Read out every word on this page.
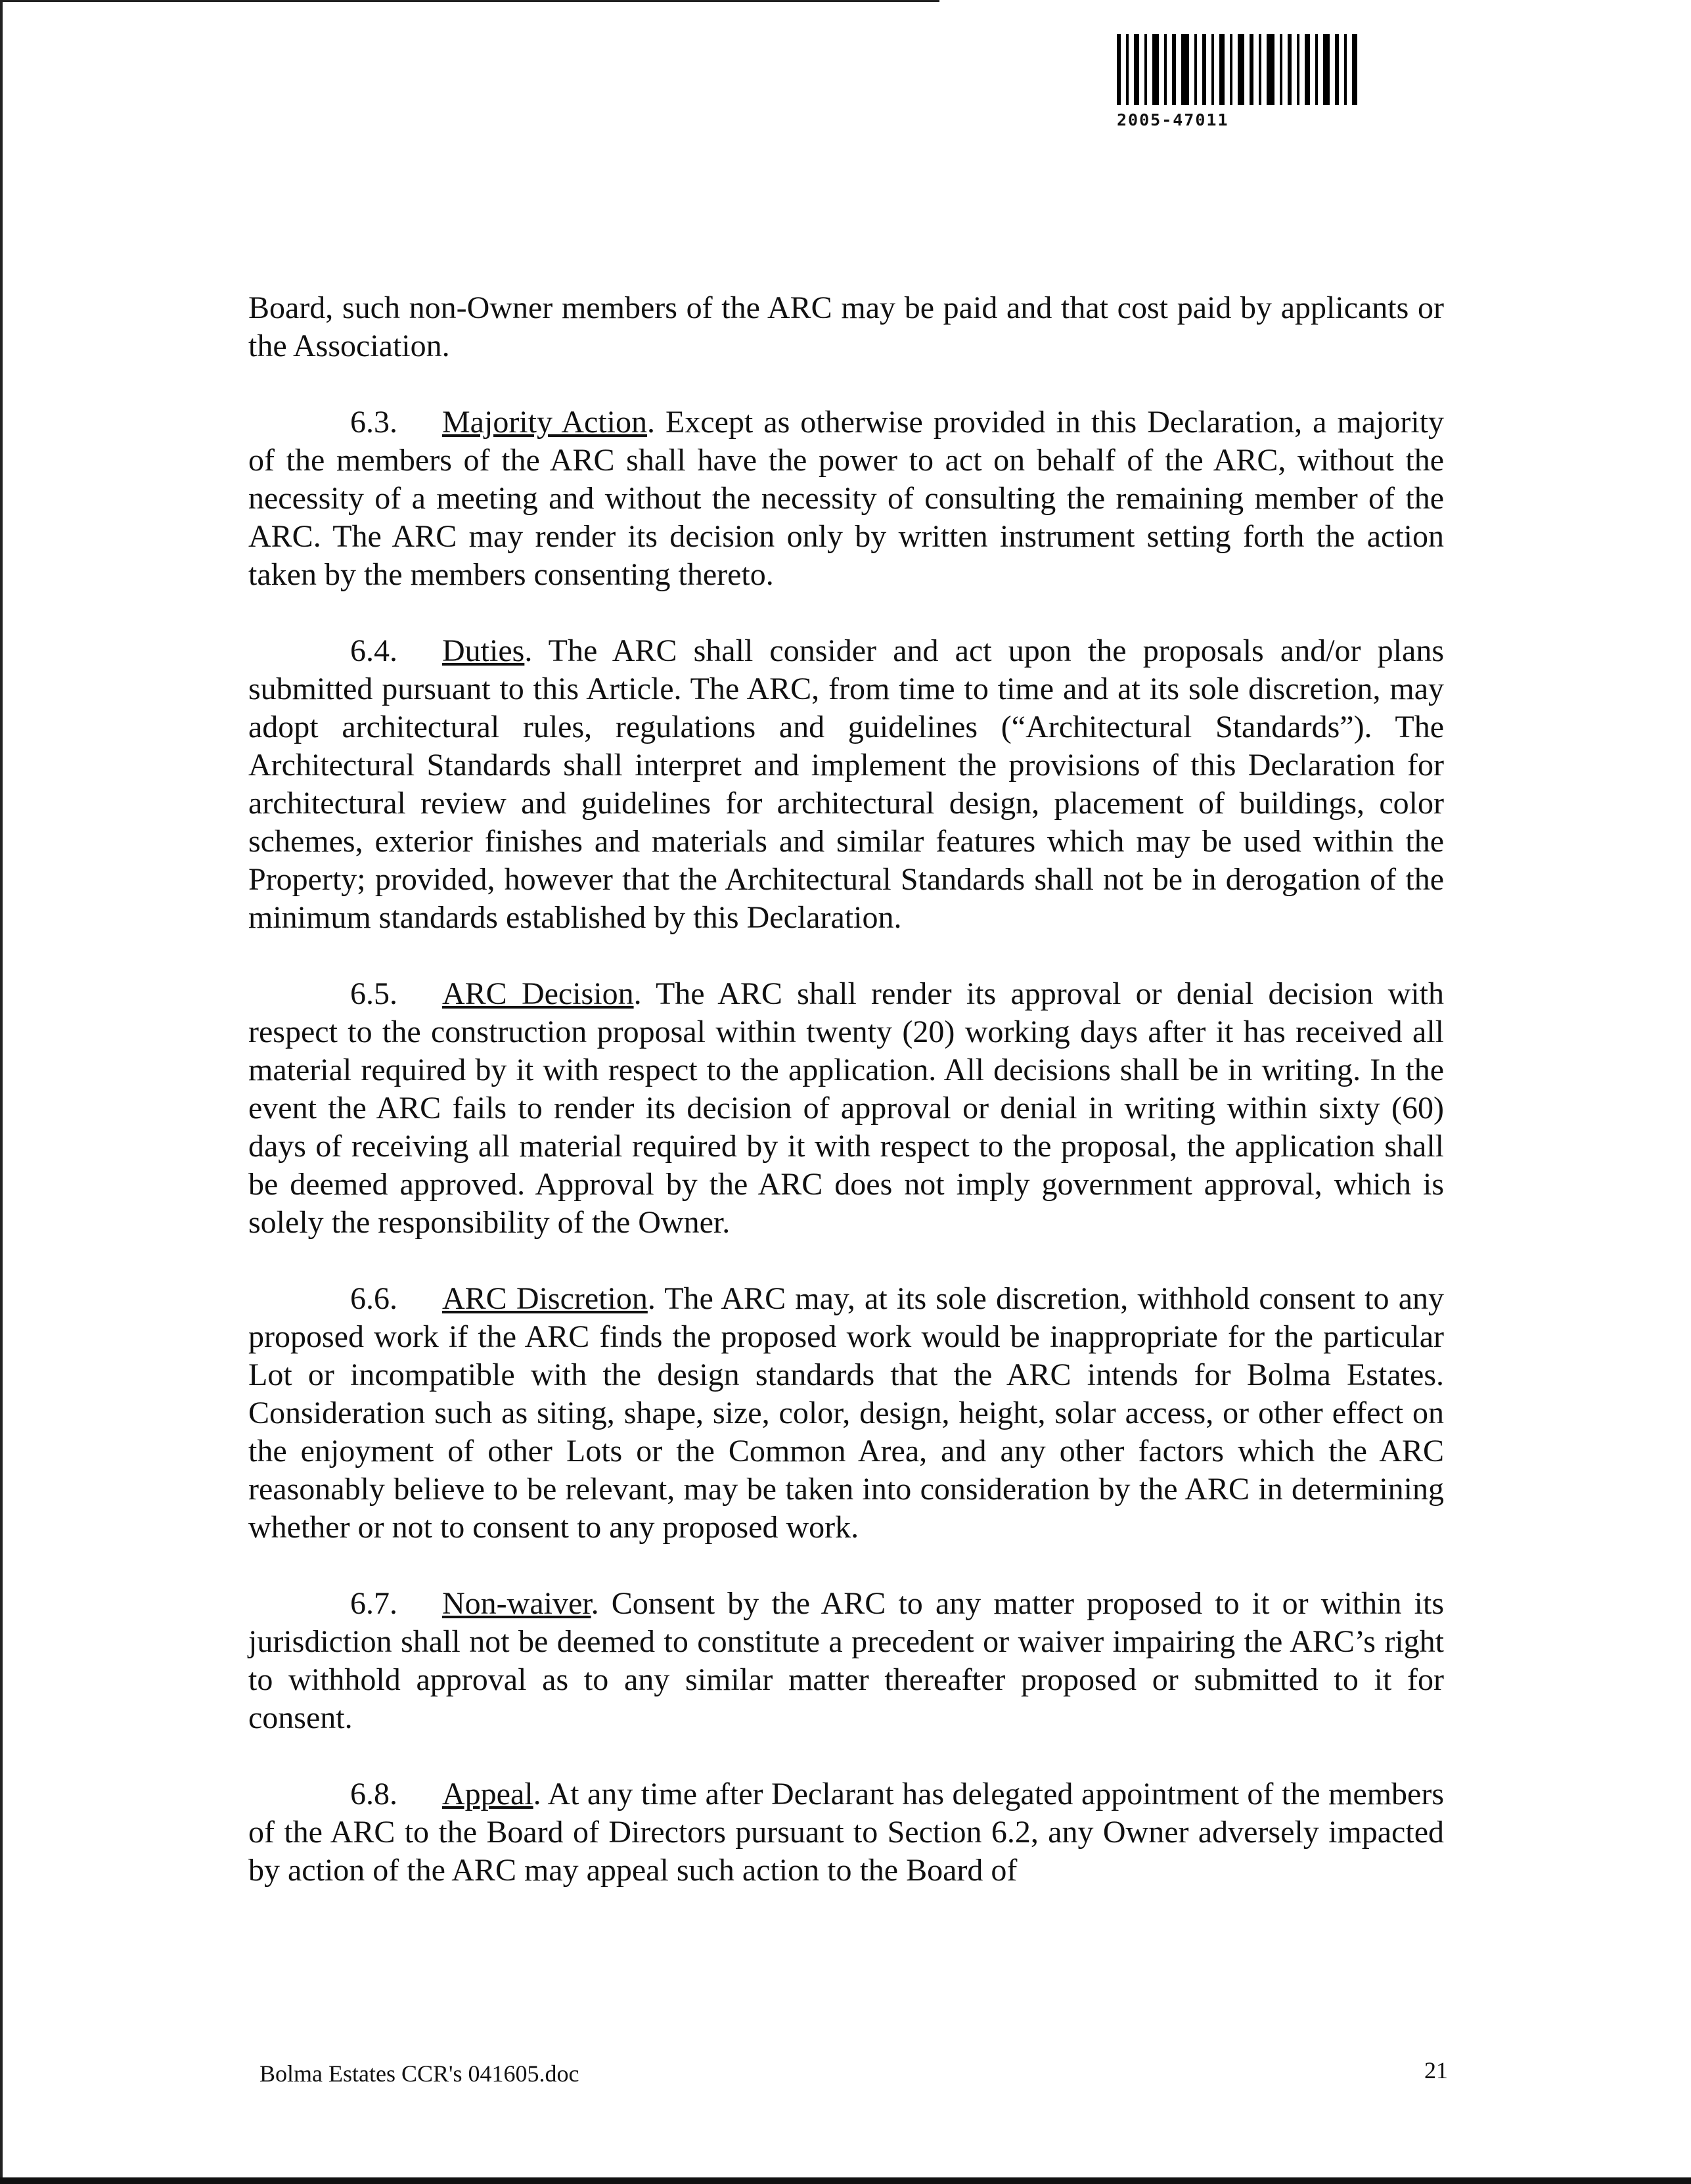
2005-47011

Board, such non-Owner members of the ARC may be paid and that cost paid by applicants or the Association.

6.3. Majority Action. Except as otherwise provided in this Declaration, a majority of the members of the ARC shall have the power to act on behalf of the ARC, without the necessity of a meeting and without the necessity of consulting the remaining member of the ARC. The ARC may render its decision only by written instrument setting forth the action taken by the members consenting thereto.

6.4. Duties. The ARC shall consider and act upon the proposals and/or plans submitted pursuant to this Article. The ARC, from time to time and at its sole discretion, may adopt architectural rules, regulations and guidelines (“Architectural Standards”). The Architectural Standards shall interpret and implement the provisions of this Declaration for architectural review and guidelines for architectural design, placement of buildings, color schemes, exterior finishes and materials and similar features which may be used within the Property; provided, however that the Architectural Standards shall not be in derogation of the minimum standards established by this Declaration.

6.5. ARC Decision. The ARC shall render its approval or denial decision with respect to the construction proposal within twenty (20) working days after it has received all material required by it with respect to the application. All decisions shall be in writing. In the event the ARC fails to render its decision of approval or denial in writing within sixty (60) days of receiving all material required by it with respect to the proposal, the application shall be deemed approved. Approval by the ARC does not imply government approval, which is solely the responsibility of the Owner.

6.6. ARC Discretion. The ARC may, at its sole discretion, withhold consent to any proposed work if the ARC finds the proposed work would be inappropriate for the particular Lot or incompatible with the design standards that the ARC intends for Bolma Estates. Consideration such as siting, shape, size, color, design, height, solar access, or other effect on the enjoyment of other Lots or the Common Area, and any other factors which the ARC reasonably believe to be relevant, may be taken into consideration by the ARC in determining whether or not to consent to any proposed work.

6.7. Non-waiver. Consent by the ARC to any matter proposed to it or within its jurisdiction shall not be deemed to constitute a precedent or waiver impairing the ARC’s right to withhold approval as to any similar matter thereafter proposed or submitted to it for consent.

6.8. Appeal. At any time after Declarant has delegated appointment of the members of the ARC to the Board of Directors pursuant to Section 6.2, any Owner adversely impacted by action of the ARC may appeal such action to the Board of

Bolma Estates CCR's 041605.doc	21
